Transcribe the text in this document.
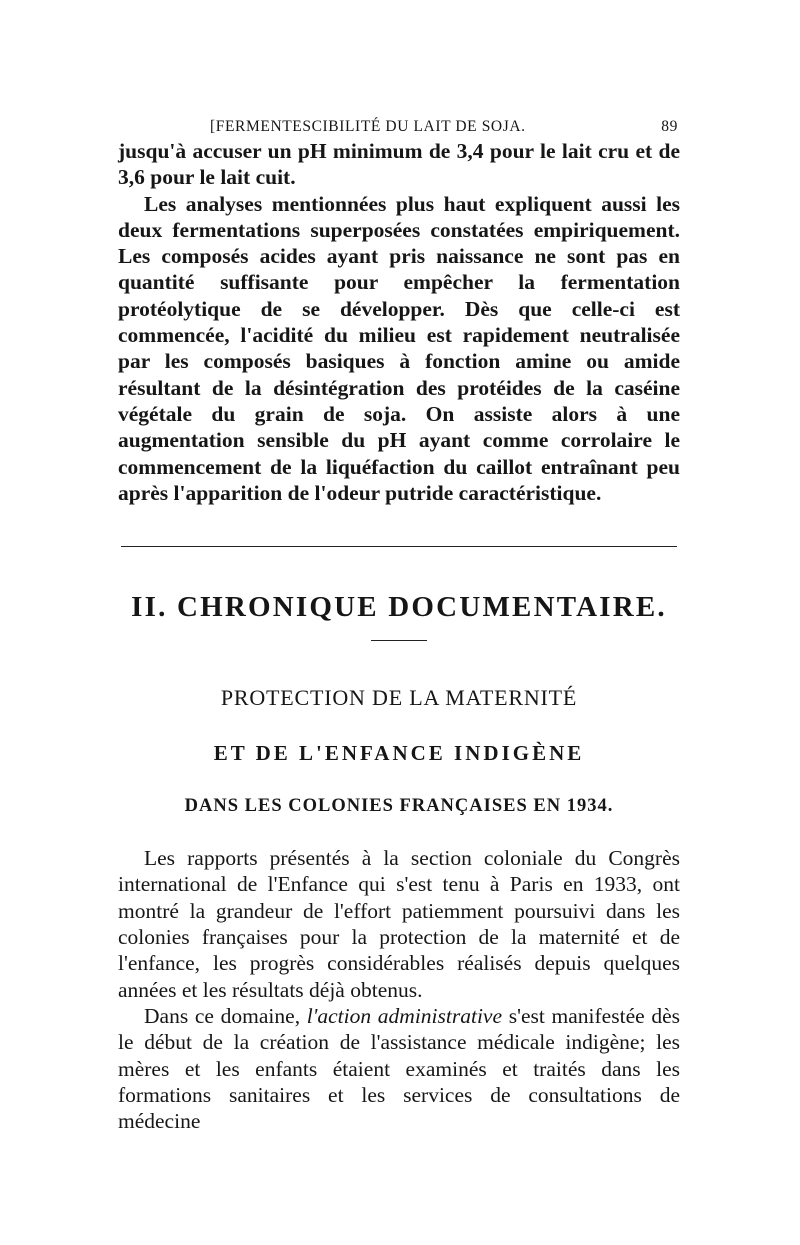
[FERMENTESCIBILITÉ DU LAIT DE SOJA.	89

jusqu'à accuser un pH minimum de 3,4 pour le lait cru et de 3,6 pour le lait cuit.

Les analyses mentionnées plus haut expliquent aussi les deux fermentations superposées constatées empiriquement. Les composés acides ayant pris naissance ne sont pas en quantité suffisante pour empêcher la fermentation protéolytique de se développer. Dès que celle-ci est commencée, l'acidité du milieu est rapidement neutralisée par les composés basiques à fonction amine ou amide résultant de la désintégration des protéides de la caséine végétale du grain de soja. On assiste alors à une augmentation sensible du pH ayant comme corrolaire le commencement de la liquéfaction du caillot entraînant peu après l'apparition de l'odeur putride caractéristique.

II. CHRONIQUE DOCUMENTAIRE.
PROTECTION DE LA MATERNITÉ
ET DE L'ENFANCE INDIGÈNE
DANS LES COLONIES FRANÇAISES EN 1934.

Les rapports présentés à la section coloniale du Congrès international de l'Enfance qui s'est tenu à Paris en 1933, ont montré la grandeur de l'effort patiemment poursuivi dans les colonies françaises pour la protection de la maternité et de l'enfance, les progrès considérables réalisés depuis quelques années et les résultats déjà obtenus.

Dans ce domaine, l'action administrative s'est manifestée dès le début de la création de l'assistance médicale indigène; les mères et les enfants étaient examinés et traités dans les formations sanitaires et les services de consultations de médecine
